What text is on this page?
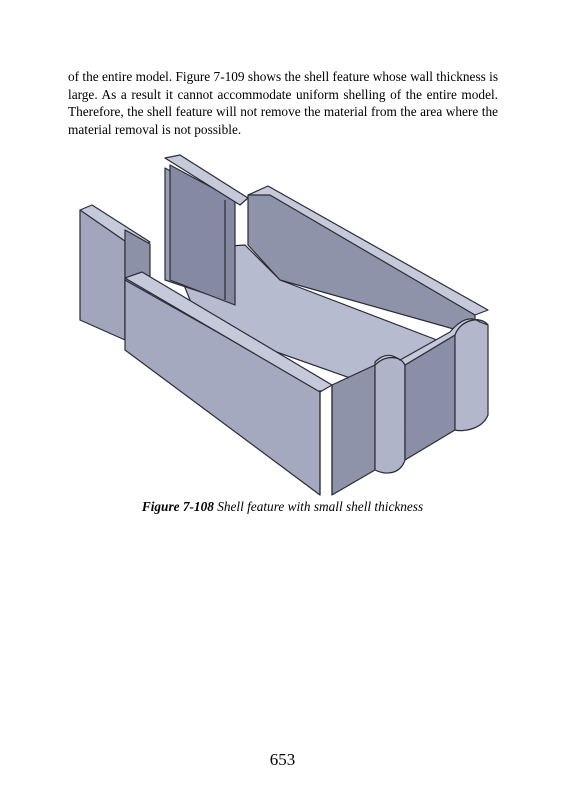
of the entire model. Figure 7-109 shows the shell feature whose wall thickness is large. As a result it cannot accommodate uniform shelling of the entire model. Therefore, the shell feature will not remove the material from the area where the material removal is not possible.

Figure 7-108 Shell feature with small shell thickness

653
